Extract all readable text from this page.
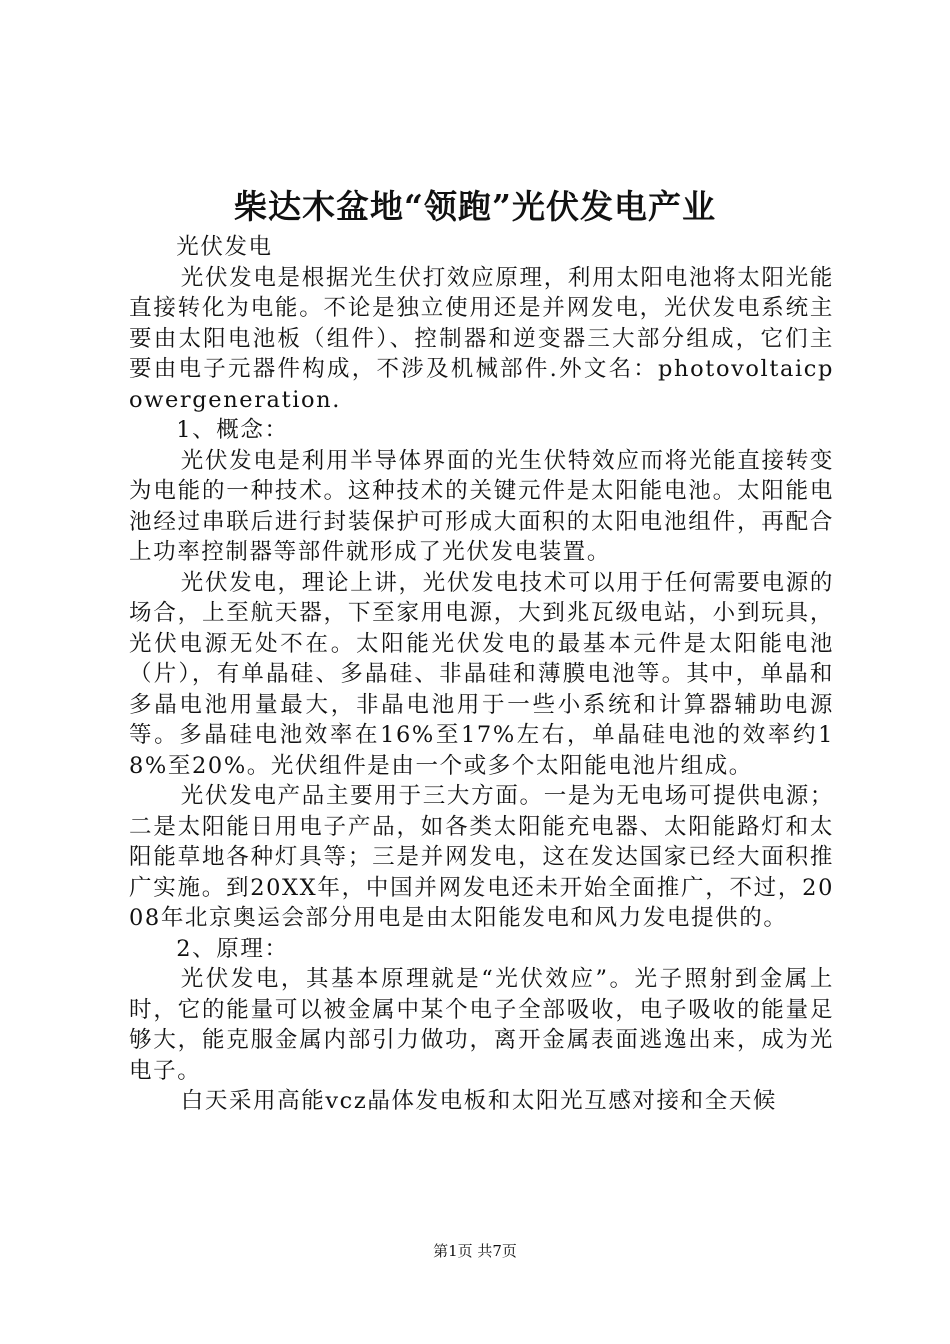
柴达木盆地“领跑”光伏发电产业

光伏发电

光伏发电是根据光生伏打效应原理，利用太阳电池将太阳光能直接转化为电能。不论是独立使用还是并网发电，光伏发电系统主要由太阳电池板（组件）、控制器和逆变器三大部分组成，它们主要由电子元器件构成，不涉及机械部件.外文名：photovoltaicpowergeneration.

1、概念：

光伏发电是利用半导体界面的光生伏特效应而将光能直接转变为电能的一种技术。这种技术的关键元件是太阳能电池。太阳能电池经过串联后进行封装保护可形成大面积的太阳电池组件，再配合上功率控制器等部件就形成了光伏发电装置。

光伏发电，理论上讲，光伏发电技术可以用于任何需要电源的场合，上至航天器，下至家用电源，大到兆瓦级电站，小到玩具，光伏电源无处不在。太阳能光伏发电的最基本元件是太阳能电池（片），有单晶硅、多晶硅、非晶硅和薄膜电池等。其中，单晶和多晶电池用量最大，非晶电池用于一些小系统和计算器辅助电源等。多晶硅电池效率在16%至17%左右，单晶硅电池的效率约18%至20%。光伏组件是由一个或多个太阳能电池片组成。

光伏发电产品主要用于三大方面。一是为无电场可提供电源；二是太阳能日用电子产品，如各类太阳能充电器、太阳能路灯和太阳能草地各种灯具等；三是并网发电，这在发达国家已经大面积推广实施。到20XX年，中国并网发电还未开始全面推广，不过，2008年北京奥运会部分用电是由太阳能发电和风力发电提供的。

2、原理：

光伏发电，其基本原理就是“光伏效应”。光子照射到金属上时，它的能量可以被金属中某个电子全部吸收，电子吸收的能量足够大，能克服金属内部引力做功，离开金属表面逃逸出来，成为光电子。

白天采用高能vcz晶体发电板和太阳光互感对接和全天候

第1页 共7页
